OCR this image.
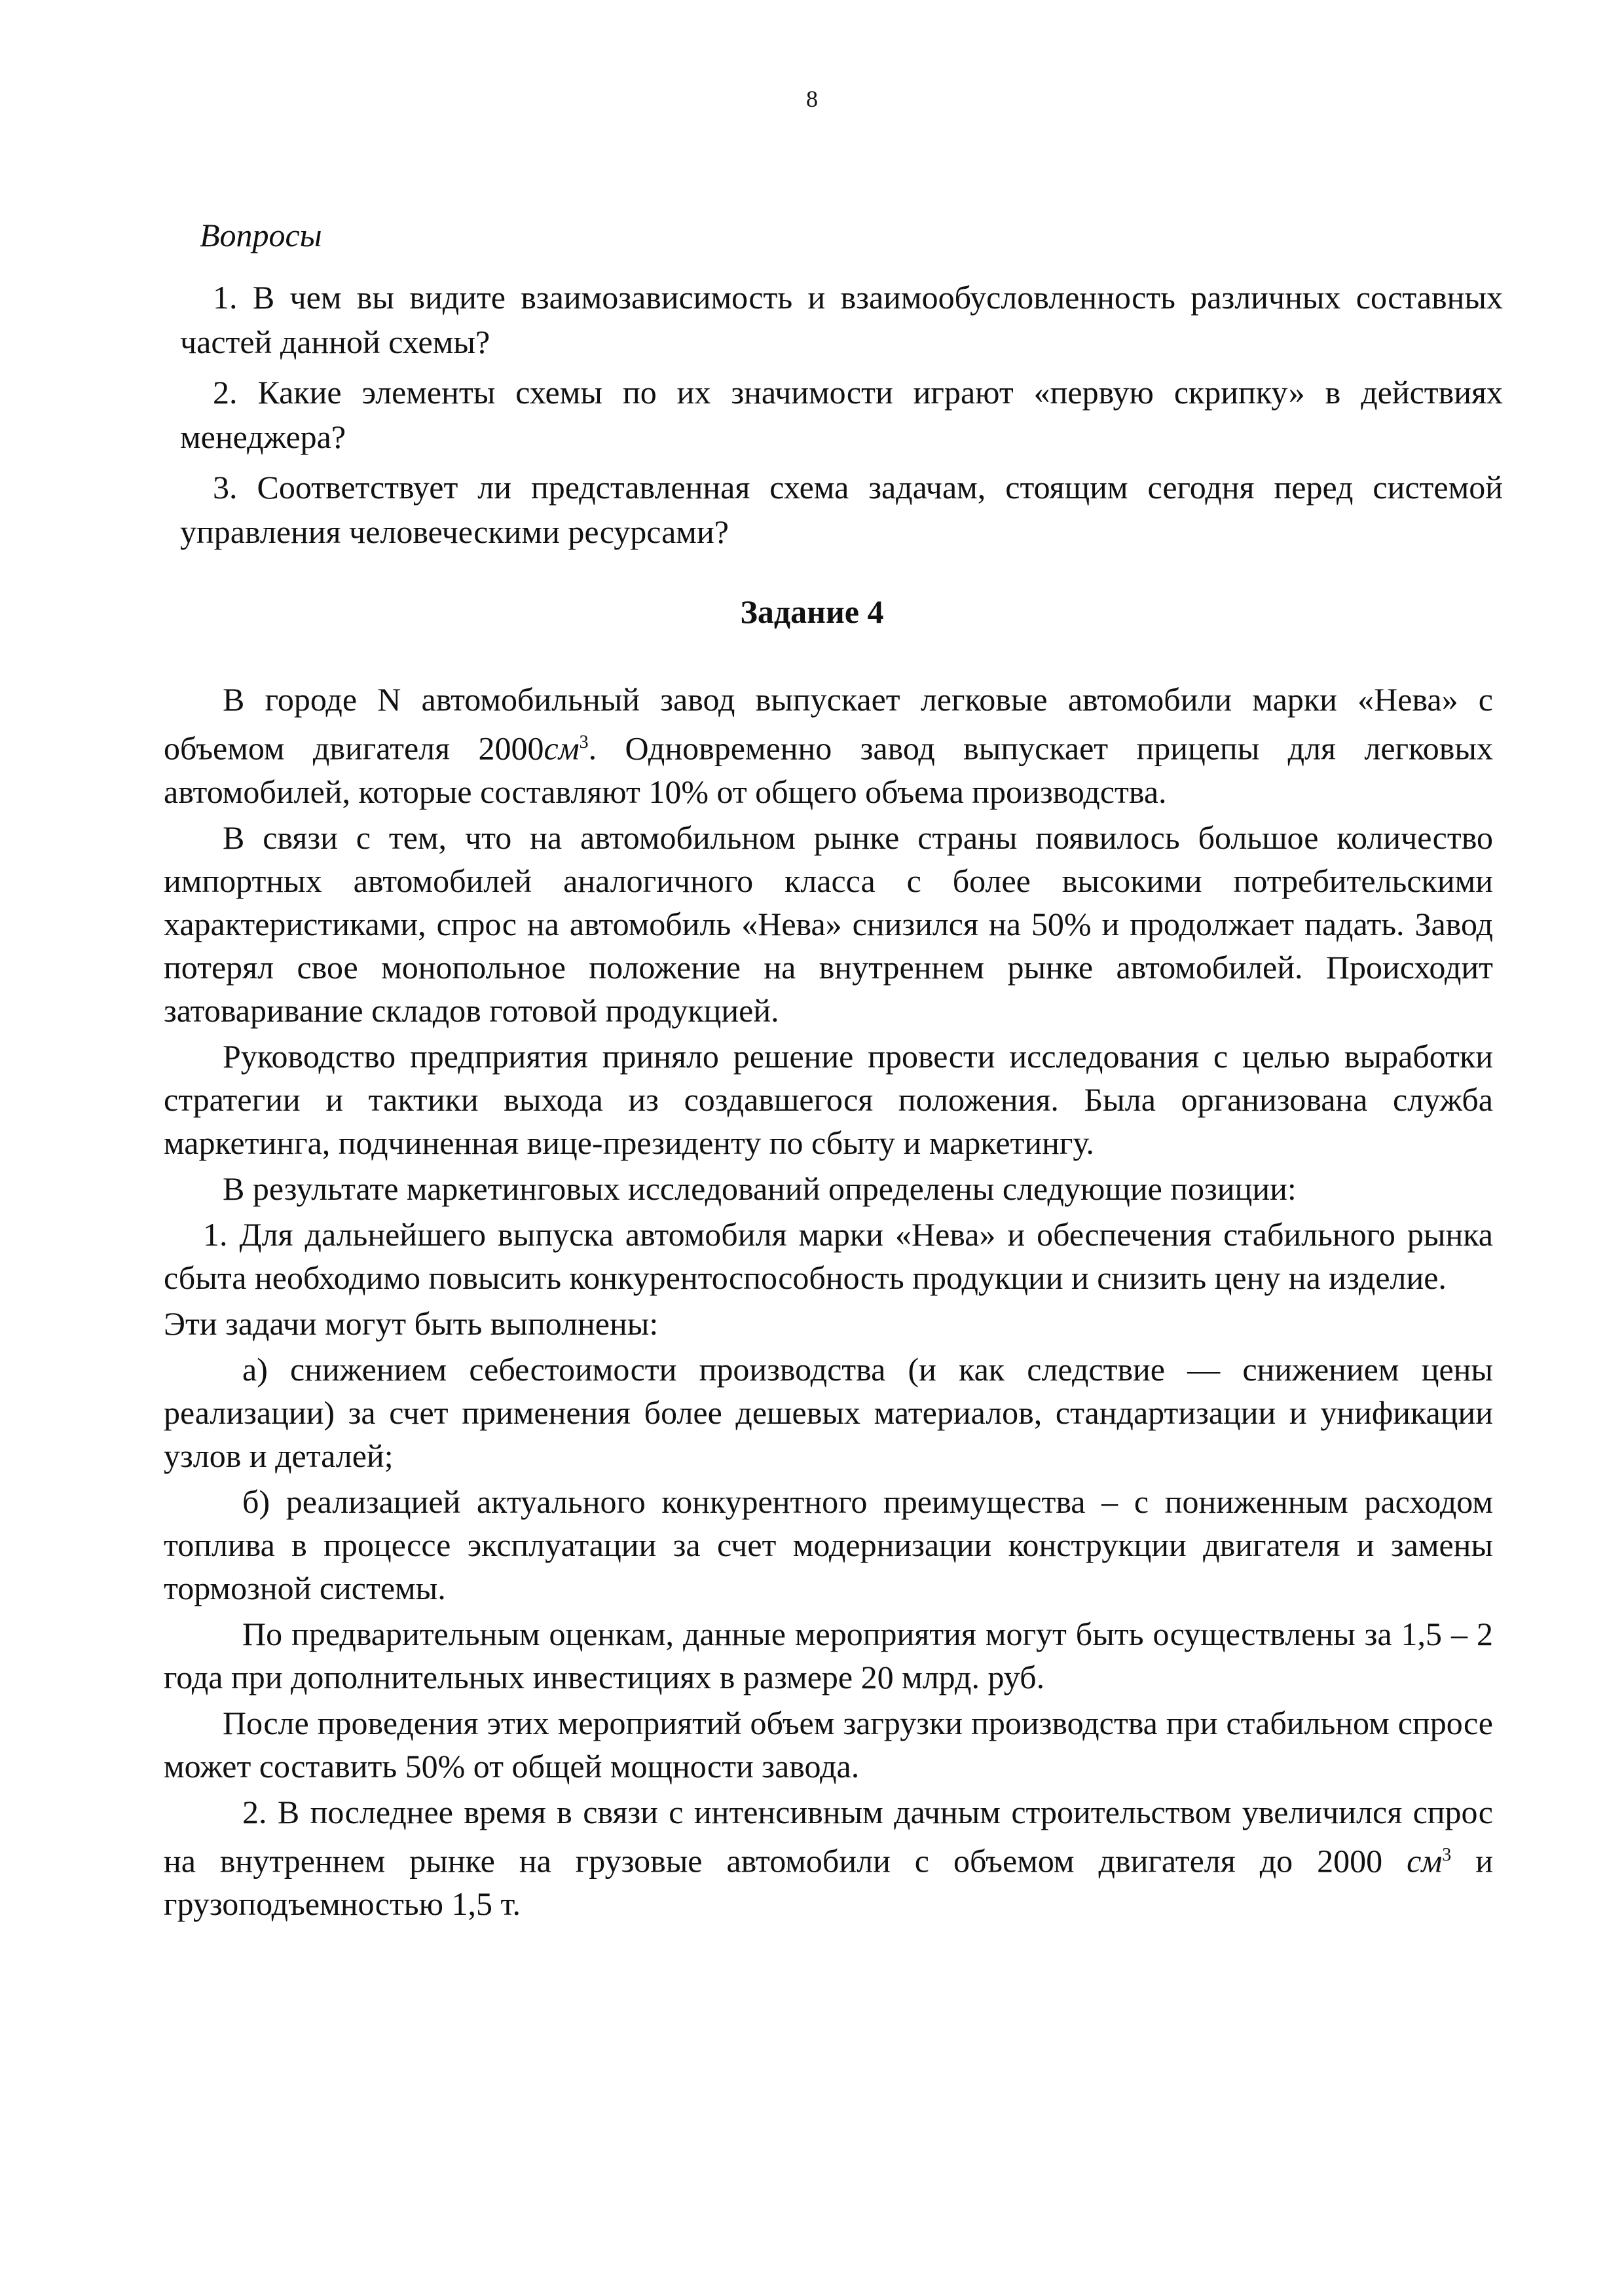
8
Вопросы
1. В чем вы видите взаимозависимость и взаимообусловленность различных составных частей данной схемы?
2. Какие элементы схемы по их значимости играют «первую скрипку» в действиях менеджера?
3. Соответствует ли представленная схема задачам, стоящим сегодня перед системой управления человеческими ресурсами?
Задание 4

В городе N автомобильный завод выпускает легковые автомобили марки «Нева» с объемом двигателя $2000см^3$. Одновременно завод выпускает прицепы для легковых автомобилей, которые составляют 10% от общего объема производства.

В связи с тем, что на автомобильном рынке страны появилось большое количество импортных автомобилей аналогичного класса с более высокими потребительскими характеристиками, спрос на автомобиль «Нева» снизился на 50% и продолжает падать. Завод потерял свое монопольное положение на внутреннем рынке автомобилей. Происходит затоваривание складов готовой продукцией.

Руководство предприятия приняло решение провести исследования с целью выработки стратегии и тактики выхода из создавшегося положения. Была организована служба маркетинга, подчиненная вице-президенту по сбыту и маркетингу.

В результате маркетинговых исследований определены следующие позиции:

1. Для дальнейшего выпуска автомобиля марки «Нева» и обеспечения стабильного рынка сбыта необходимо повысить конкурентоспособность продукции и снизить цену на изделие.

Эти задачи могут быть выполнены:

а) снижением себестоимости производства (и как следствие — снижением цены реализации) за счет применения более дешевых материалов, стандартизации и унификации узлов и деталей;

б) реализацией актуального конкурентного преимущества – с пониженным расходом топлива в процессе эксплуатации за счет модернизации конструкции двигателя и замены тормозной системы.

По предварительным оценкам, данные мероприятия могут быть осуществлены за 1,5 – 2 года при дополнительных инвестициях в размере 20 млрд. руб.

После проведения этих мероприятий объем загрузки производства при стабильном спросе может составить 50% от общей мощности завода.

2. В последнее время в связи с интенсивным дачным строительством увеличился спрос на внутреннем рынке на грузовые автомобили с объемом двигателя до 2000 $см^3$ и грузоподъемностью 1,5 т.
